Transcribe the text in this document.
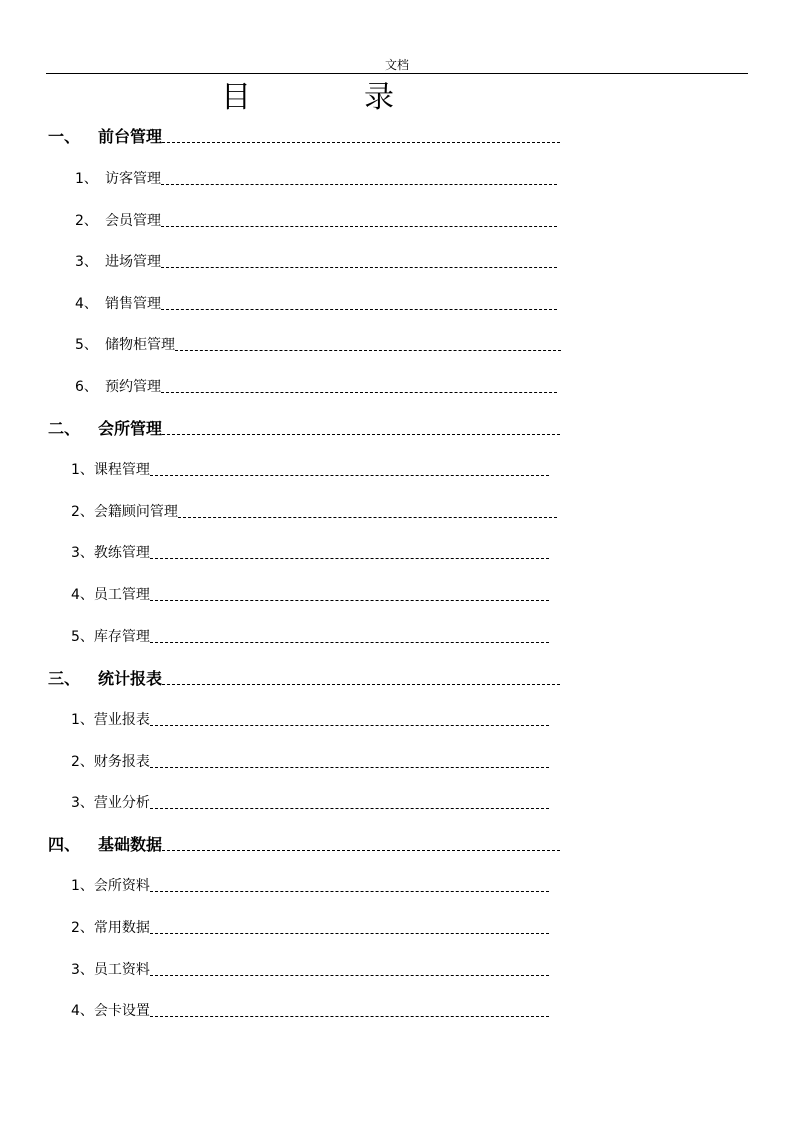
文档
目	录
一、	前台管理
1、 访客管理
2、 会员管理
3、 进场管理
4、 销售管理
5、 储物柜管理
6、 预约管理
二、	会所管理
1、课程管理
2、会籍顾问管理
3、教练管理
4、员工管理
5、库存管理
三、	统计报表
1、营业报表
2、财务报表
3、营业分析
四、	基础数据
1、会所资料
2、常用数据
3、员工资料
4、会卡设置
